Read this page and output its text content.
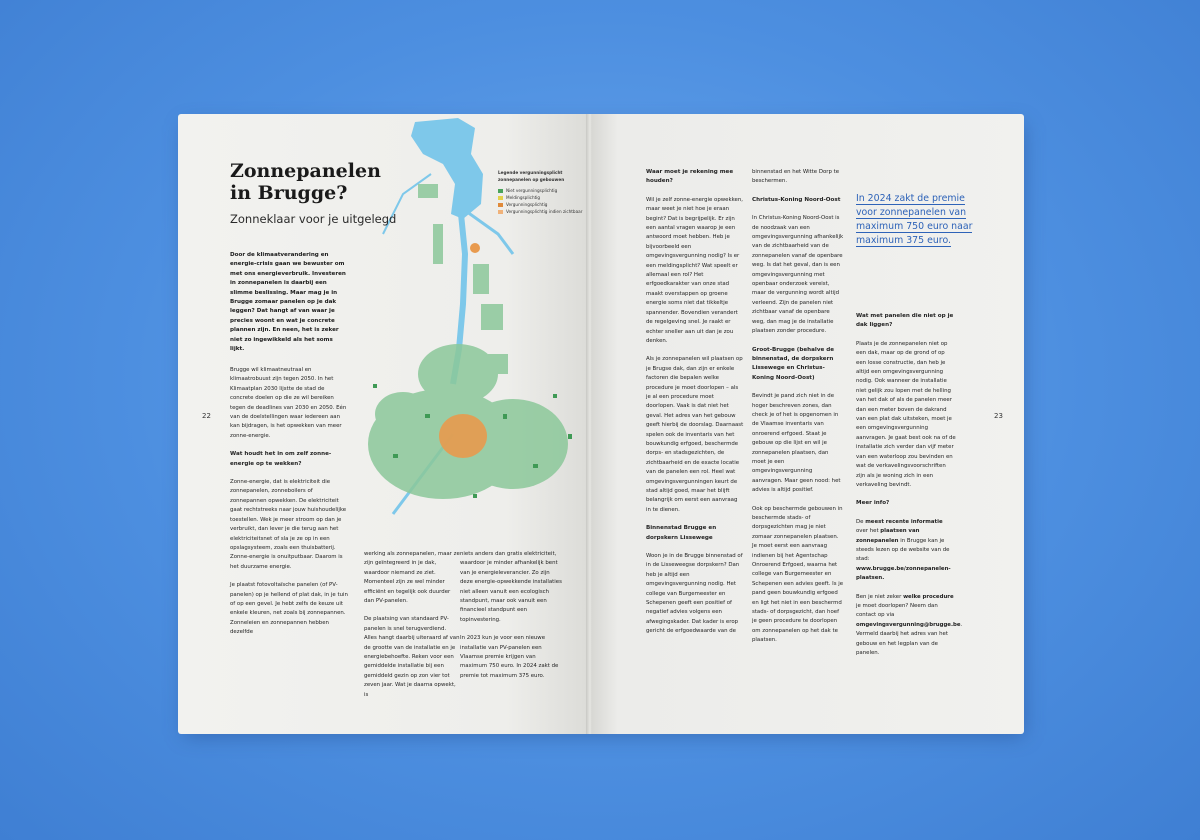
Legende vergunningsplicht zonnepanelen op gebouwen
Niet vergunningsplichtig
Meldingsplichtig
Vergunningsplichtig
Vergunningsplichtig indien zichtbaar
Zonnepanelen in Brugge?
Zonneklaar voor je uitgelegd

Door de klimaatverandering en energie-crisis gaan we bewuster om met ons energieverbruik. Investeren in zonnepanelen is daarbij een slimme beslissing. Maar mag je in Brugge zomaar panelen op je dak leggen? Dat hangt af van waar je precies woont en wat je concrete plannen zijn. En neen, het is zeker niet zo ingewikkeld als het soms lijkt.

22

Brugge wil klimaatneutraal en klimaatrobuust zijn tegen 2050. In het Klimaatplan 2030 lijstte de stad de concrete doelen op die ze wil bereiken tegen de deadlines van 2030 en 2050. Eén van de doelstellingen waar iedereen aan kan bijdragen, is het opwekken van meer zonne-energie.

Wat houdt het in om zelf zonne-energie op te wekken?

Zonne-energie, dat is elektriciteit die zonnepanelen, zonneboilers of zonnepannen opwekken. De elektriciteit gaat rechtstreeks naar jouw huishoudelijke toestellen. Wek je meer stroom op dan je verbruikt, dan lever je die terug aan het elektriciteitsnet of sla je ze op in een opslagsysteem, zoals een thuisbatterij. Zonne-energie is onuitputbaar. Daarom is het duurzame energie.

Je plaatst fotovoltaïsche panelen (of PV-panelen) op je hellend of plat dak, in je tuin of op een gevel. Je hebt zelfs de keuze uit enkele kleuren, net zoals bij zonnepannen. Zonneleien en zonnepannen hebben dezelfde

werking als zonnepanelen, maar ze zijn geïntegreerd in je dak, waardoor niemand ze ziet. Momenteel zijn ze wel minder efficiënt en tegelijk ook duurder dan PV-panelen.

De plaatsing van standaard PV-panelen is snel terugverdiend. Alles hangt daarbij uiteraard af van de grootte van de installatie en je energiebehoefte. Reken voor een gemiddelde installatie bij een gemiddeld gezin op zon vier tot zeven jaar. Wat je daarna opwekt, is

niets anders dan gratis elektriciteit, waardoor je minder afhankelijk bent van je energieleverancier. Zo zijn deze energie-opwekkende installaties niet alleen vanuit een ecologisch standpunt, maar ook vanuit een financieel standpunt een topinvestering.

In 2023 kun je voor een nieuwe installatie van PV-panelen een Vlaamse premie krijgen van maximum 750 euro. In 2024 zakt de premie tot maximum 375 euro.

Waar moet je rekening mee houden?

Wil je zelf zonne-energie opwekken, maar weet je niet hoe je eraan begint? Dat is begrijpelijk. Er zijn een aantal vragen waarop je een antwoord moet hebben. Heb je bijvoorbeeld een omgevingsvergunning nodig? Is er een meldingsplicht? Wat speelt er allemaal een rol? Het erfgoedkarakter van onze stad maakt overstappen op groene energie soms niet dat tikkeltje spannender. Bovendien verandert de regelgeving snel. Je raakt er echter sneller aan uit dan je zou denken.

Als je zonnepanelen wil plaatsen op je Brugse dak, dan zijn er enkele factoren die bepalen welke procedure je moet doorlopen – als je al een procedure moet doorlopen. Vaak is dat niet het geval. Het adres van het gebouw geeft hierbij de doorslag. Daarnaast spelen ook de inventaris van het bouwkundig erfgoed, beschermde dorps- en stadsgezichten, de zichtbaarheid en de exacte locatie van de panelen een rol. Heel wat omgevingsvergunningen keurt de stad altijd goed, maar het blijft belangrijk om eerst een aanvraag in te dienen.

Binnenstad Brugge en dorpskern Lissewege

Woon je in de Brugge binnenstad of in de Lisseweegse dorpskern? Dan heb je altijd een omgevingsvergunning nodig. Het college van Burgemeester en Schepenen geeft een positief of negatief advies volgens een afwegingskader. Dat kader is erop gericht de erfgoedwaarde van de

binnenstad en het Witte Dorp te beschermen.

Christus-Koning Noord-Oost

In Christus-Koning Noord-Oost is de noodzaak van een omgevingsvergunning afhankelijk van de zichtbaarheid van de zonnepanelen vanaf de openbare weg. Is dat het geval, dan is een omgevingsvergunning met openbaar onderzoek vereist, maar de vergunning wordt altijd verleend. Zijn de panelen niet zichtbaar vanaf de openbare weg, dan mag je de installatie plaatsen zonder procedure.

Groot-Brugge (behalve de binnenstad, de dorpskern Lissewege en Christus-Koning Noord-Oost)

Bevindt je pand zich niet in de hoger beschreven zones, dan check je of het is opgenomen in de Vlaamse inventaris van onroerend erfgoed. Staat je gebouw op die lijst en wil je zonnepanelen plaatsen, dan moet je een omgevingsvergunning aanvragen. Maar geen nood: het advies is altijd positief.

Ook op beschermde gebouwen in beschermde stads- of dorpsgezichten mag je niet zomaar zonnepanelen plaatsen. Je moet eerst een aanvraag indienen bij het Agentschap Onroerend Erfgoed, waarna het college van Burgemeester en Schepenen een advies geeft. Is je pand geen bouwkundig erfgoed en ligt het niet in een beschermd stads- of dorpsgezicht, dan hoef je geen procedure te doorlopen om zonnepanelen op het dak te plaatsen.

In 2024 zakt de premie voor zonnepanelen van maximum 750 euro naar maximum 375 euro.
Wat met panelen die niet op je dak liggen?

Plaats je de zonnepanelen niet op een dak, maar op de grond of op een losse constructie, dan heb je altijd een omgevingsvergunning nodig. Ook wanneer de installatie niet gelijk zou lopen met de helling van het dak of als de panelen meer dan een meter boven de dakrand van een plat dak uitsteken, moet je een omgevingsvergunning aanvragen. Je gaat best ook na of de installatie zich verder dan vijf meter van een waterloop zou bevinden en wat de verkavelingsvoorschriften zijn als je woning zich in een verkaveling bevindt.

Meer info?

De meest recente informatie over het plaatsen van zonnepanelen in Brugge kan je steeds lezen op de website van de stad: www.brugge.be/zonnepanelen-plaatsen.

Ben je niet zeker welke procedure je moet doorlopen? Neem dan contact op via omgevingsvergunning@brugge.be. Vermeld daarbij het adres van het gebouw en het legplan van de panelen.

23
